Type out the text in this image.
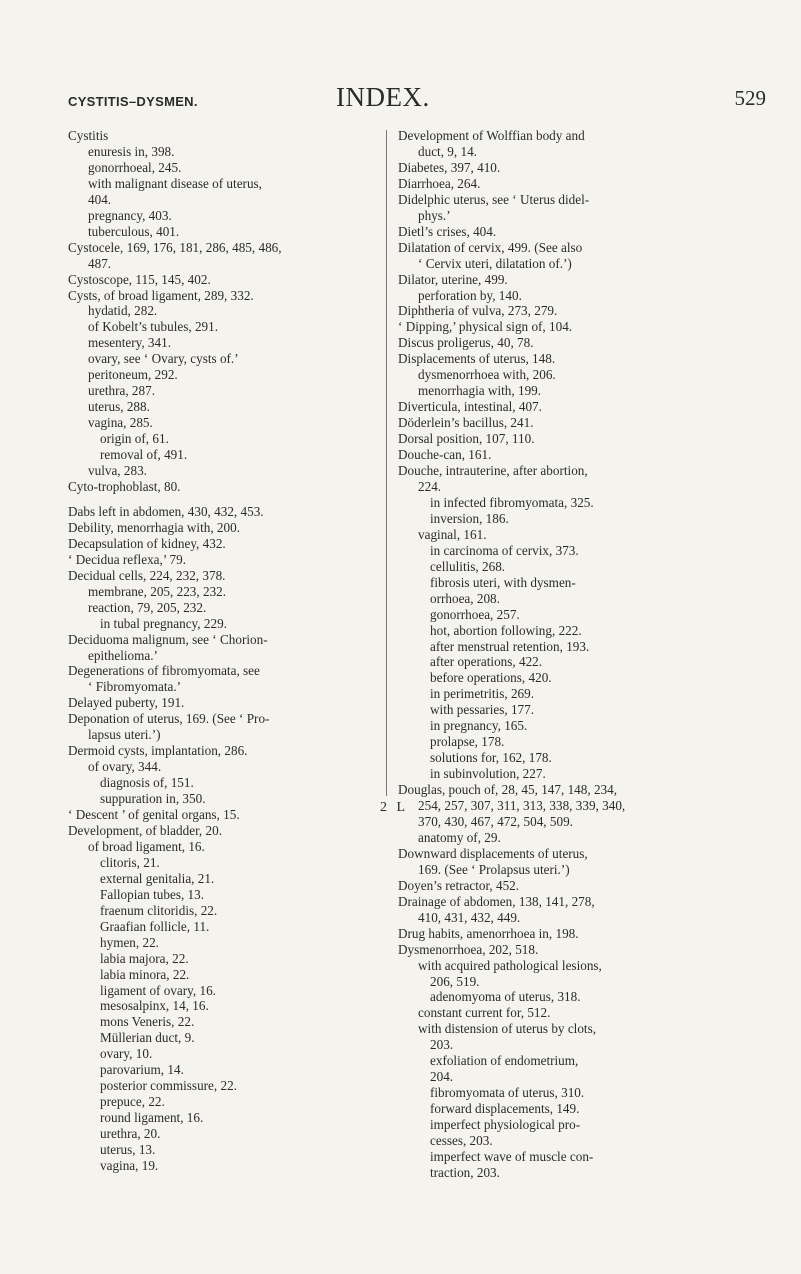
CYSTITIS–DYSMEN.	INDEX.	529
Cystitis
enuresis in, 398.
gonorrhoeal, 245.
with malignant disease of uterus,
404.
pregnancy, 403.
tuberculous, 401.
Cystocele, 169, 176, 181, 286, 485, 486,
487.
Cystoscope, 115, 145, 402.
Cysts, of broad ligament, 289, 332.
hydatid, 282.
of Kobelt’s tubules, 291.
mesentery, 341.
ovary, see ‘ Ovary, cysts of.’
peritoneum, 292.
urethra, 287.
uterus, 288.
vagina, 285.
origin of, 61.
removal of, 491.
vulva, 283.
Cyto-trophoblast, 80.
Dabs left in abdomen, 430, 432, 453.
Debility, menorrhagia with, 200.
Decapsulation of kidney, 432.
‘ Decidua reflexa,’ 79.
Decidual cells, 224, 232, 378.
membrane, 205, 223, 232.
reaction, 79, 205, 232.
in tubal pregnancy, 229.
Deciduoma malignum, see ‘ Chorion-
epithelioma.’
Degenerations of fibromyomata, see
‘ Fibromyomata.’
Delayed puberty, 191.
Deponation of uterus, 169. (See ‘ Pro-
lapsus uteri.’)
Dermoid cysts, implantation, 286.
of ovary, 344.
diagnosis of, 151.
suppuration in, 350.
‘ Descent ’ of genital organs, 15.
Development, of bladder, 20.
of broad ligament, 16.
clitoris, 21.
external genitalia, 21.
Fallopian tubes, 13.
fraenum clitoridis, 22.
Graafian follicle, 11.
hymen, 22.
labia majora, 22.
labia minora, 22.
ligament of ovary, 16.
mesosalpinx, 14, 16.
mons Veneris, 22.
Müllerian duct, 9.
ovary, 10.
parovarium, 14.
posterior commissure, 22.
prepuce, 22.
round ligament, 16.
urethra, 20.
uterus, 13.
vagina, 19.
Development of Wolffian body and
duct, 9, 14.
Diabetes, 397, 410.
Diarrhoea, 264.
Didelphic uterus, see ‘ Uterus didel-
phys.’
Dietl’s crises, 404.
Dilatation of cervix, 499. (See also
‘ Cervix uteri, dilatation of.’)
Dilator, uterine, 499.
perforation by, 140.
Diphtheria of vulva, 273, 279.
‘ Dipping,’ physical sign of, 104.
Discus proligerus, 40, 78.
Displacements of uterus, 148.
dysmenorrhoea with, 206.
menorrhagia with, 199.
Diverticula, intestinal, 407.
Döderlein’s bacillus, 241.
Dorsal position, 107, 110.
Douche-can, 161.
Douche, intrauterine, after abortion,
224.
in infected fibromyomata, 325.
inversion, 186.
vaginal, 161.
in carcinoma of cervix, 373.
cellulitis, 268.
fibrosis uteri, with dysmen-
orrhoea, 208.
gonorrhoea, 257.
hot, abortion following, 222.
after menstrual retention, 193.
after operations, 422.
before operations, 420.
in perimetritis, 269.
with pessaries, 177.
in pregnancy, 165.
prolapse, 178.
solutions for, 162, 178.
in subinvolution, 227.
Douglas, pouch of, 28, 45, 147, 148, 234,
254, 257, 307, 311, 313, 338, 339, 340,
370, 430, 467, 472, 504, 509.
anatomy of, 29.
Downward displacements of uterus,
169. (See ‘ Prolapsus uteri.’)
Doyen’s retractor, 452.
Drainage of abdomen, 138, 141, 278,
410, 431, 432, 449.
Drug habits, amenorrhoea in, 198.
Dysmenorrhoea, 202, 518.
with acquired pathological lesions,
206, 519.
adenomyoma of uterus, 318.
constant current for, 512.
with distension of uterus by clots,
203.
exfoliation of endometrium,
204.
fibromyomata of uterus, 310.
forward displacements, 149.
imperfect physiological pro-
cesses, 203.
imperfect wave of muscle con-
traction, 203.
2 L
